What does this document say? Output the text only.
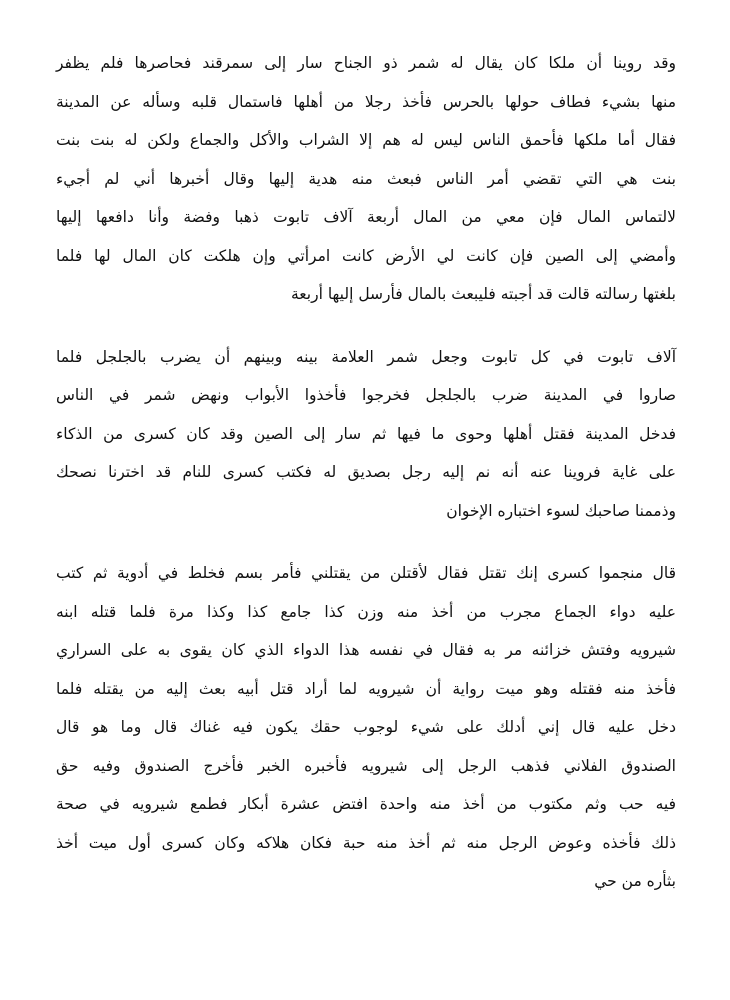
وقد روينا أن ملكا كان يقال له شمر ذو الجناح سار إلى سمرقند فحاصرها فلم يظفر
منها بشيء فطاف حولها بالحرس فأخذ رجلا من أهلها فاستمال قلبه وسأله عن المدينة
فقال أما ملكها فأحمق الناس ليس له هم إلا الشراب والأكل والجماع ولكن له بنت بنت
بنت هي التي تقضي أمر الناس فبعث منه هدية إليها وقال أخبرها أني لم أجيء
لالتماس المال فإن معي من المال أربعة آلاف تابوت ذهبا وفضة وأنا دافعها إليها
وأمضي إلى الصين فإن كانت لي الأرض كانت امرأتي وإن هلكت كان المال لها فلما
بلغتها رسالته قالت قد أجبته فليبعث بالمال فأرسل إليها أربعة

آلاف تابوت في كل تابوت وجعل شمر العلامة بينه وبينهم أن يضرب بالجلجل فلما
صاروا في المدينة ضرب بالجلجل فخرجوا فأخذوا الأبواب ونهض شمر في الناس
فدخل المدينة فقتل أهلها وحوى ما فيها ثم سار إلى الصين وقد كان كسرى من الذكاء
على غاية فروينا عنه أنه نم إليه رجل بصديق له فكتب كسرى للنام قد اخترنا نصحك
وذممنا صاحبك لسوء اختباره الإخوان

قال منجموا كسرى إنك تقتل فقال لأقتلن من يقتلني فأمر بسم فخلط في أدوية ثم كتب
عليه دواء الجماع مجرب من أخذ منه وزن كذا جامع كذا وكذا مرة فلما قتله ابنه
شيرويه وفتش خزائنه مر به فقال في نفسه هذا الدواء الذي كان يقوى به على السراري
فأخذ منه فقتله وهو ميت رواية أن شيرويه لما أراد قتل أبيه بعث إليه من يقتله فلما
دخل عليه قال إني أدلك على شيء لوجوب حقك يكون فيه غناك قال وما هو قال
الصندوق الفلاني فذهب الرجل إلى شيرويه فأخبره الخبر فأخرج الصندوق وفيه حق
فيه حب وثم مكتوب من أخذ منه واحدة افتض عشرة أبكار فطمع شيرويه في صحة
ذلك فأخذه وعوض الرجل منه ثم أخذ منه حبة فكان هلاكه وكان كسرى أول ميت أخذ
بثأره من حي
